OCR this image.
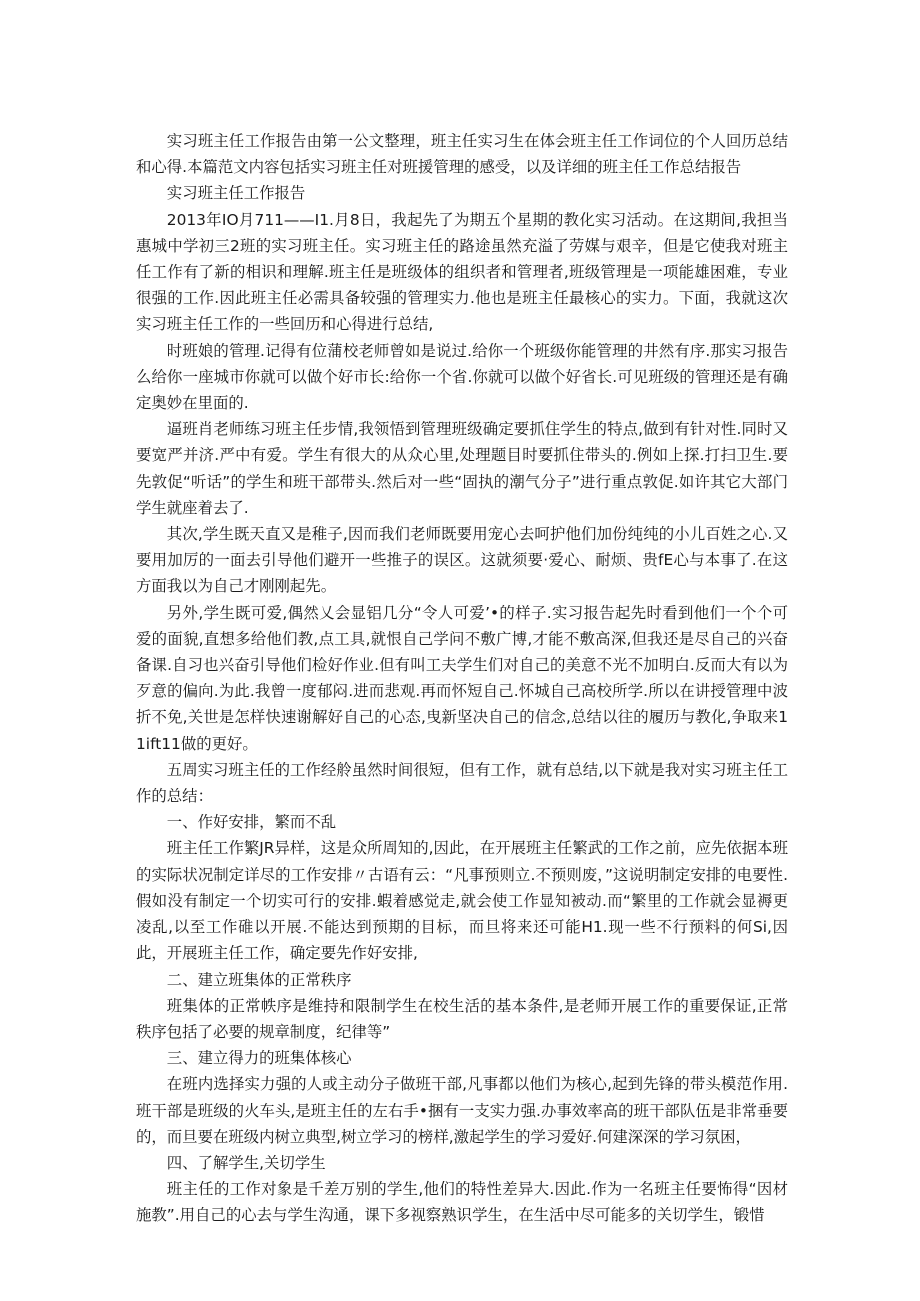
实习班主任工作报告由第一公文整理，班主任实习生在体会班主任工作词位的个人回历总结和心得.本篇范文内容包括实习班主任对班援管理的感受，以及详细的班主任工作总结报告

实习班主任工作报告

2013年IO月711——I1.月8日，我起先了为期五个星期的教化实习活动。在这期间,我担当惠城中学初三2班的实习班主任。实习班主任的路途虽然充溢了劳媒与艰辛，但是它使我对班主任工作有了新的相识和理解.班主任是班级体的组织者和管理者,班级管理是一项能雄困难，专业很强的工作.因此班主任必需具备较强的管理实力.他也是班主任最核心的实力。下面，我就这次实习班主任工作的一些回历和心得进行总结,

时班娘的管理.记得有位蒲校老师曾如是说过.给你一个班级你能管理的井然有序.那实习报告么给你一座城市你就可以做个好市长:给你一个省.你就可以做个好省长.可见班级的管理还是有确定奥妙在里面的.

逼班肖老师练习班主任步情,我领悟到管理班级确定要抓住学生的特点,做到有针对性.同时又要宽严并济.严中有爱。学生有很大的从众心里,处理题目时要抓住带头的.例如上探.打扫卫生.要先敦促“听话”的学生和班干部带头.然后对一些“固执的潮气分子”进行重点敦促.如许其它大部门学生就座着去了.

其次,学生既天直又是稚子,因而我们老师既要用宠心去呵护他们加份纯纯的小儿百姓之心.又要用加厉的一面去引导他们避开一些推子的误区。这就须要·爱心、耐烦、贵fE心与本事了.在这方面我以为自己才刚刚起先。

另外,学生既可爱,偶然乂会显铝几分“令人可爱’•的样子.实习报告起先时看到他们一个个可爱的面貌,直想多给他们教,点工具,就恨自己学问不敷广博,才能不敷高深,但我还是尽自己的兴奋备课.自习也兴奋引导他们检好作业.但有叫工夫学生们对自己的美意不光不加明白.反而大有以为歹意的偏向.为此.我曾一度郁闷.进而悲观.再而怀短自己.怀城自己高校所学.所以在讲授管理中波折不免,关世是怎样快速谢解好自己的心态,曳新坚决自己的信念,总结以往的履历与教化,争取来11ift11做的更好。

五周实习班主任的工作经舲虽然时间很短，但有工作，就有总结,以下就是我对实习班主任工作的总结：

一、作好安排，繁而不乱

班主任工作繁JR异样，这是众所周知的,因此，在开展班主任繁武的工作之前，应先依据本班的实际状况制定详尽的工作安排〃古语有云：“凡事预则立.不预则废，”这说明制定安排的电要性.假如没有制定一个切实可行的安排.蝦着感觉走,就会使工作显知被动.而“繁里的工作就会显褥更凌乱,以至工作碓以开展.不能达到预期的目标，而旦将来还可能H1.现一些不行预料的何Si,因此，开展班主任工作，确定要先作好安排,

二、建立班集体的正常秩序

班集体的正常帙序是维持和限制学生在校生活的基本条件,是老师开展工作的重要保证,正常秩序包括了必要的规章制度，纪律等”

三、建立得力的班集体核心

在班内选择实力强的人或主动分子做班干部,凡事都以他们为核心,起到先锋的带头模范作用.班干部是班级的火车头,是班主任的左右手•捆有一支实力强.办事效率高的班干部队伍是非常垂要的，而旦要在班级内树立典型,树立学习的榜样,激起学生的学习爱好.何建深深的学习氛困，

四、了解学生,关切学生

班主任的工作对象是千差万别的学生,他们的特性差异大.因此.作为一名班主任要怖得“因材施教”.用自己的心去与学生沟通，课下多视察熟识学生，在生活中尽可能多的关切学生，锻惜
